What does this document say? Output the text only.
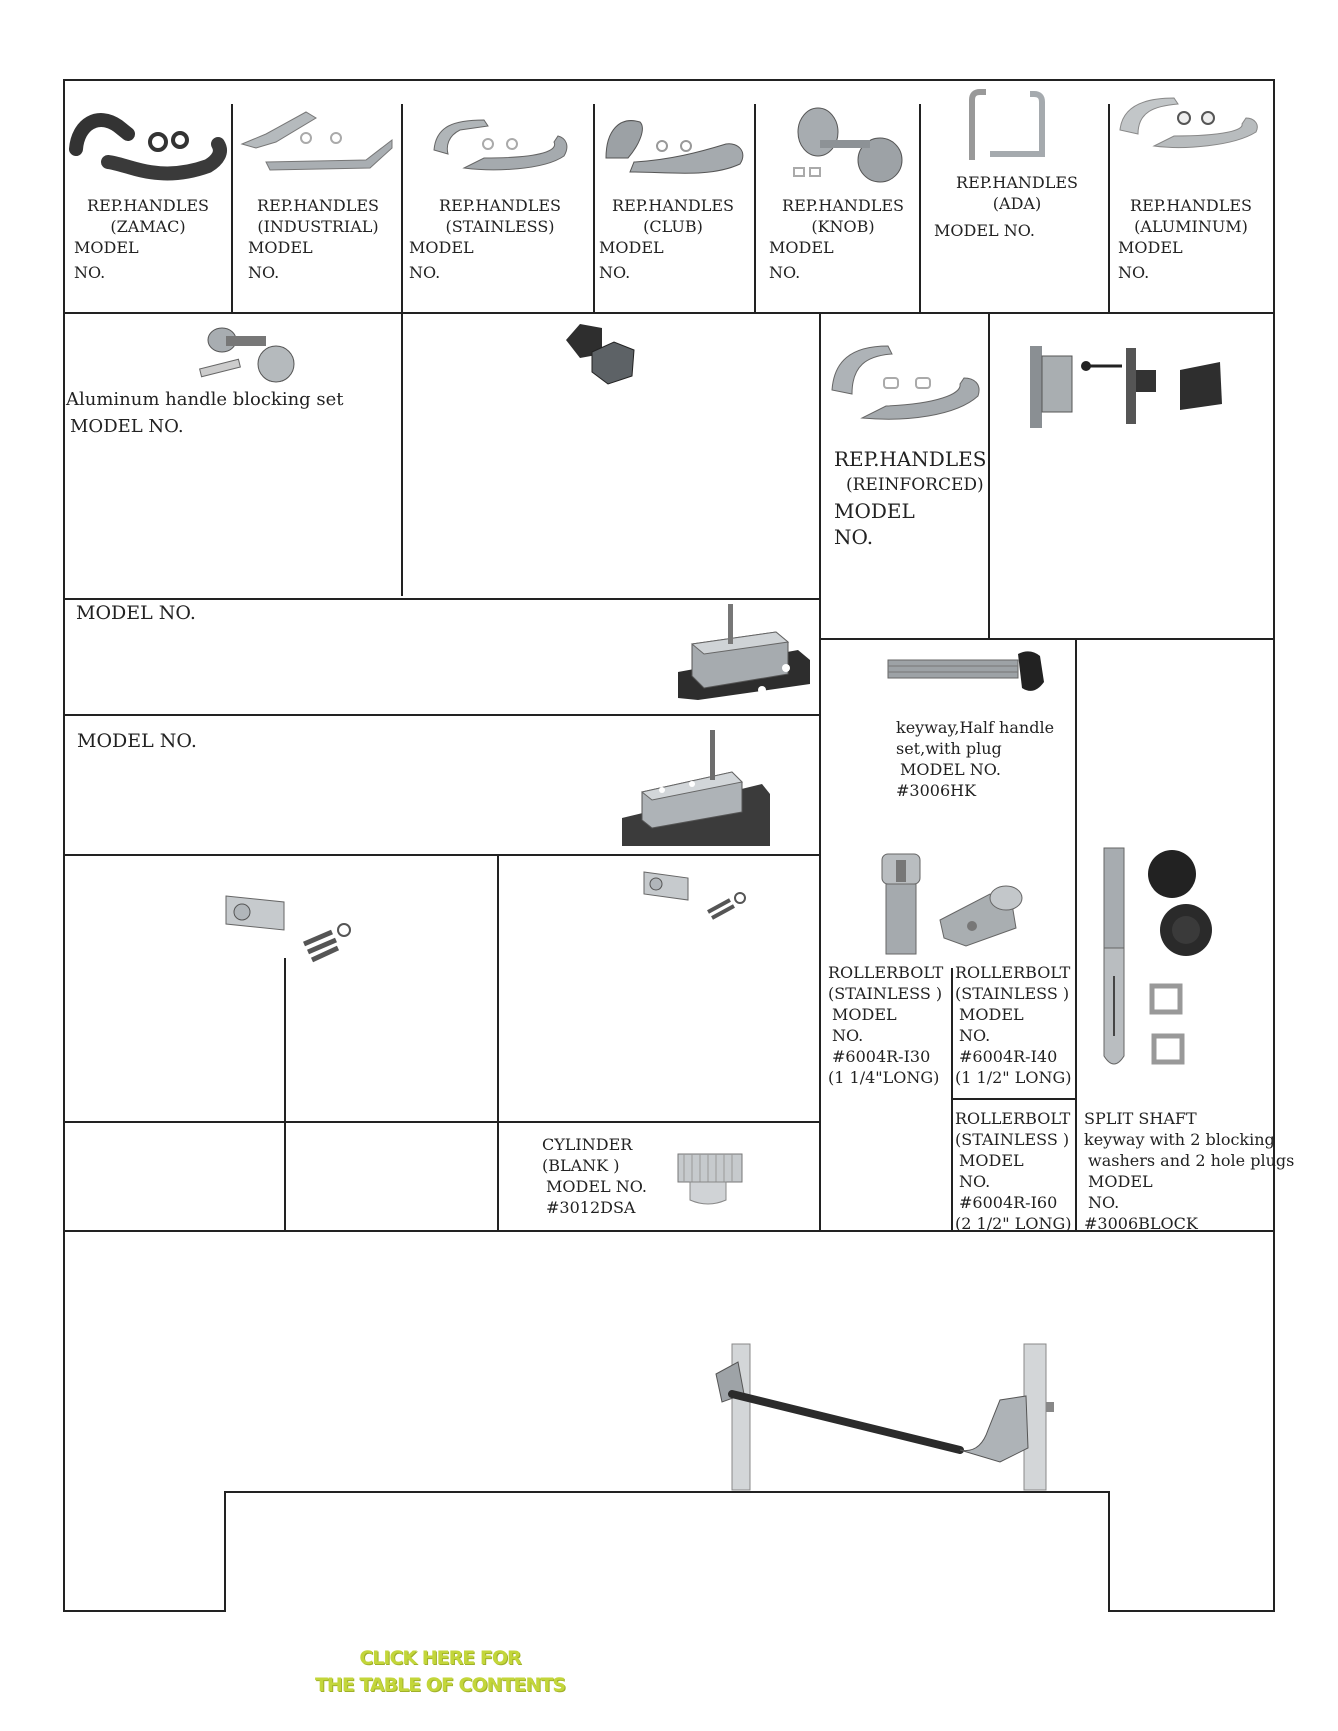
REP.HANDLES
(ZAMAC)
MODEL
NO.
REP.HANDLES
(INDUSTRIAL)
MODEL
NO.
REP.HANDLES
(STAINLESS)
MODEL
NO.
REP.HANDLES
(CLUB)
MODEL
NO.
REP.HANDLES
(KNOB)
MODEL
NO.
REP.HANDLES
(ADA)
MODEL NO.
REP.HANDLES
(ALUMINUM)
MODEL
NO.
Aluminum handle blocking set
MODEL NO.
REP.HANDLES
(REINFORCED)
MODEL
NO.
MODEL NO.
MODEL NO.
keyway,Half handle
set,with plug
MODEL NO.
#3006HK
ROLLERBOLT
(STAINLESS )
MODEL
NO.
#6004R-I30
(1 1/4"LONG)
ROLLERBOLT
(STAINLESS )
MODEL
NO.
#6004R-I40
(1 1/2" LONG)
ROLLERBOLT
(STAINLESS )
MODEL
NO.
#6004R-I60
(2 1/2" LONG)
SPLIT SHAFT
keyway with 2 blocking
washers and 2 hole plugs
MODEL
NO.
#3006BLOCK
CYLINDER
(BLANK )
MODEL NO.
#3012DSA
CLICK HERE FOR
THE TABLE OF CONTENTS
